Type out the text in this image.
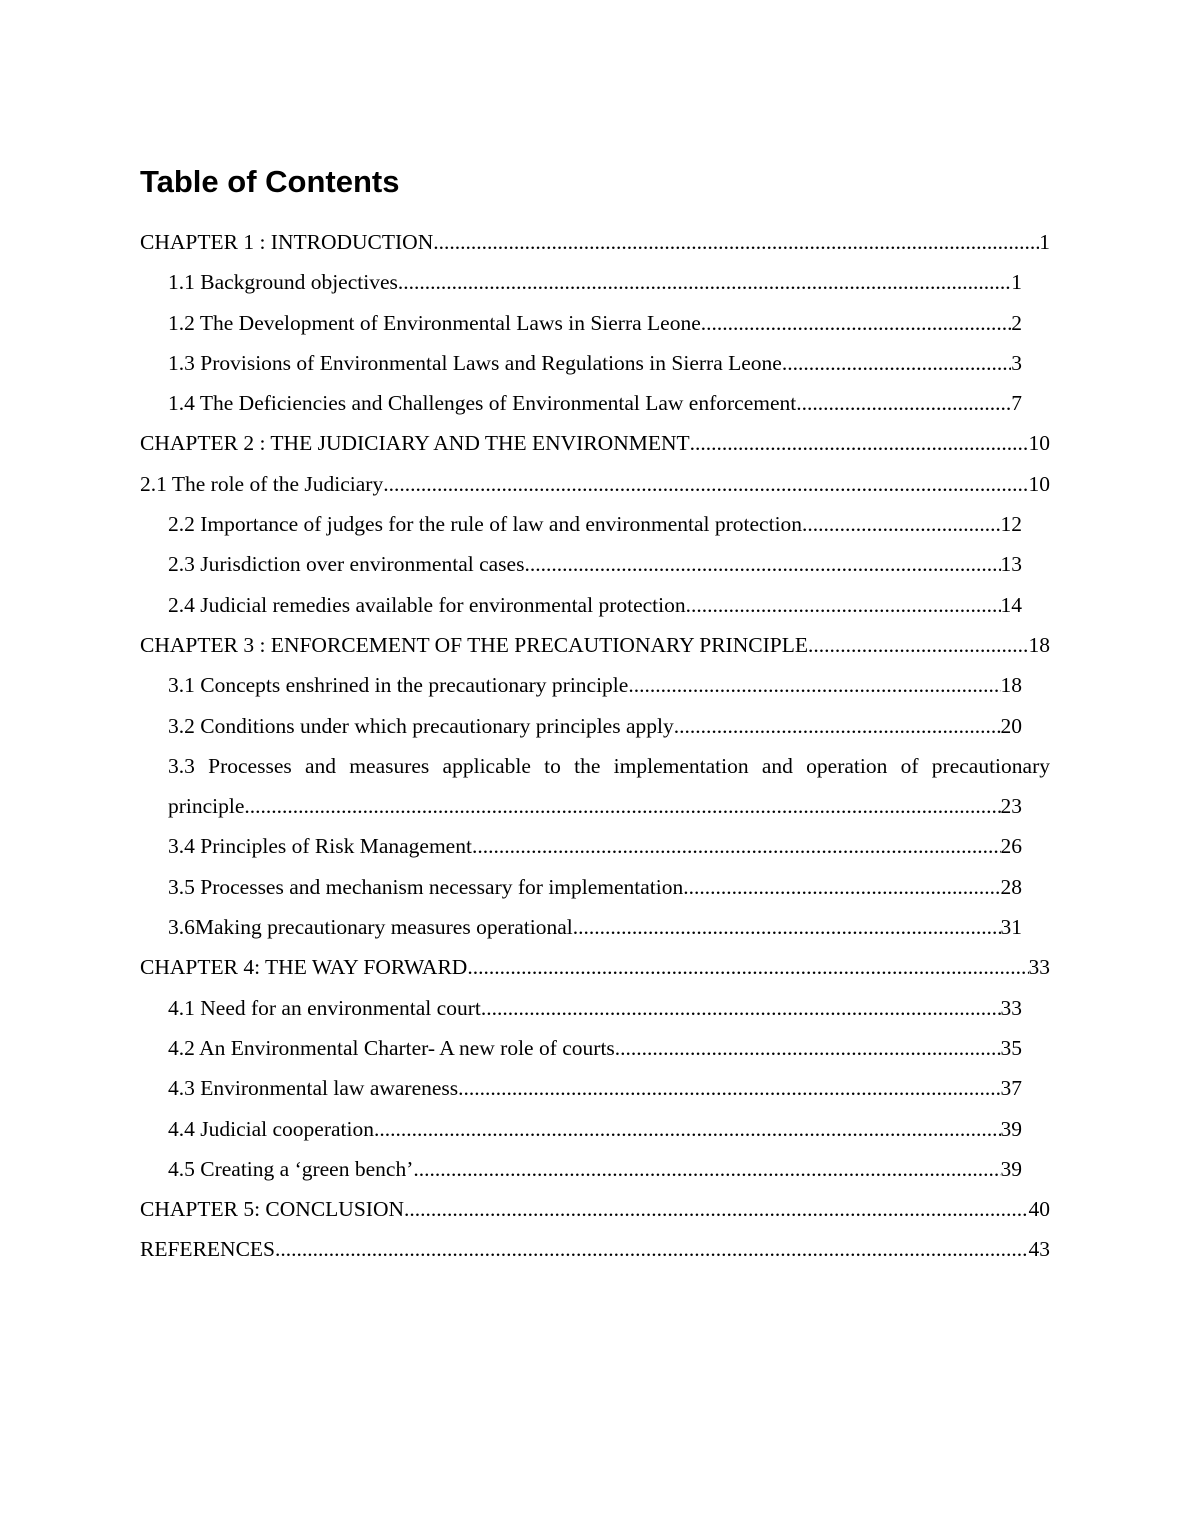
Table of Contents
CHAPTER 1 : INTRODUCTION .....	1
1.1 Background objectives .....	1
1.2 The Development of Environmental Laws in Sierra Leone .....	2
1.3 Provisions of Environmental Laws and Regulations in Sierra Leone .....	3
1.4 The Deficiencies and Challenges of Environmental Law enforcement .....	7
CHAPTER 2 : THE JUDICIARY AND THE ENVIRONMENT .....	10
2.1 The role of the Judiciary .....	10
2.2 Importance of judges for the rule of law and environmental protection .....	12
2.3 Jurisdiction over environmental cases .....	13
2.4 Judicial remedies available for environmental protection .....	14
CHAPTER 3 : ENFORCEMENT OF THE PRECAUTIONARY PRINCIPLE .....	18
3.1 Concepts enshrined in the precautionary principle .....	18
3.2 Conditions under which precautionary principles apply .....	20
3.3 Processes and measures applicable to the implementation and operation of precautionary
principle .....	23
3.4 Principles of Risk Management .....	26
3.5 Processes and mechanism necessary for implementation .....	28
3.6Making precautionary measures operational .....	31
CHAPTER 4: THE WAY FORWARD .....	33
4.1 Need for an environmental court .....	33
4.2 An Environmental Charter- A new role of courts .....	35
4.3 Environmental law awareness .....	37
4.4 Judicial cooperation .....	39
4.5 Creating a ‘green bench’ .....	39
CHAPTER 5: CONCLUSION .....	40
REFERENCES .....	43
